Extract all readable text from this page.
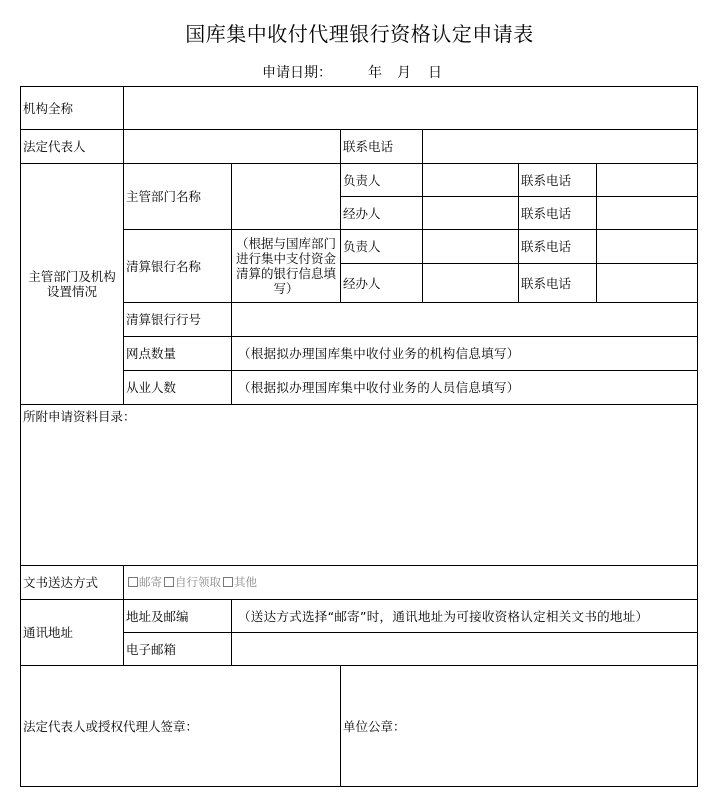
国库集中收付代理银行资格认定申请表
申请日期：	年 月 日
机构全称						
法定代表人			联系电话			
主管部门及机构设置情况	主管部门名称		负责人		联系电话	
			经办人		联系电话	
	清算银行名称	（根据与国库部门进行集中支付资金清算的银行信息填写）	负责人		联系电话	
			经办人		联系电话	
	清算银行行号					
	网点数量	（根据拟办理国库集中收付业务的机构信息填写）				
	从业人数	（根据拟办理国库集中收付业务的人员信息填写）				
所附申请资料目录：						
文书送达方式	邮寄 自行领取 其他					
通讯地址	地址及邮编	（送达方式选择“邮寄”时，通讯地址为可接收资格认定相关文书的地址）				
	电子邮箱					
法定代表人或授权代理人签章：			单位公章：			
